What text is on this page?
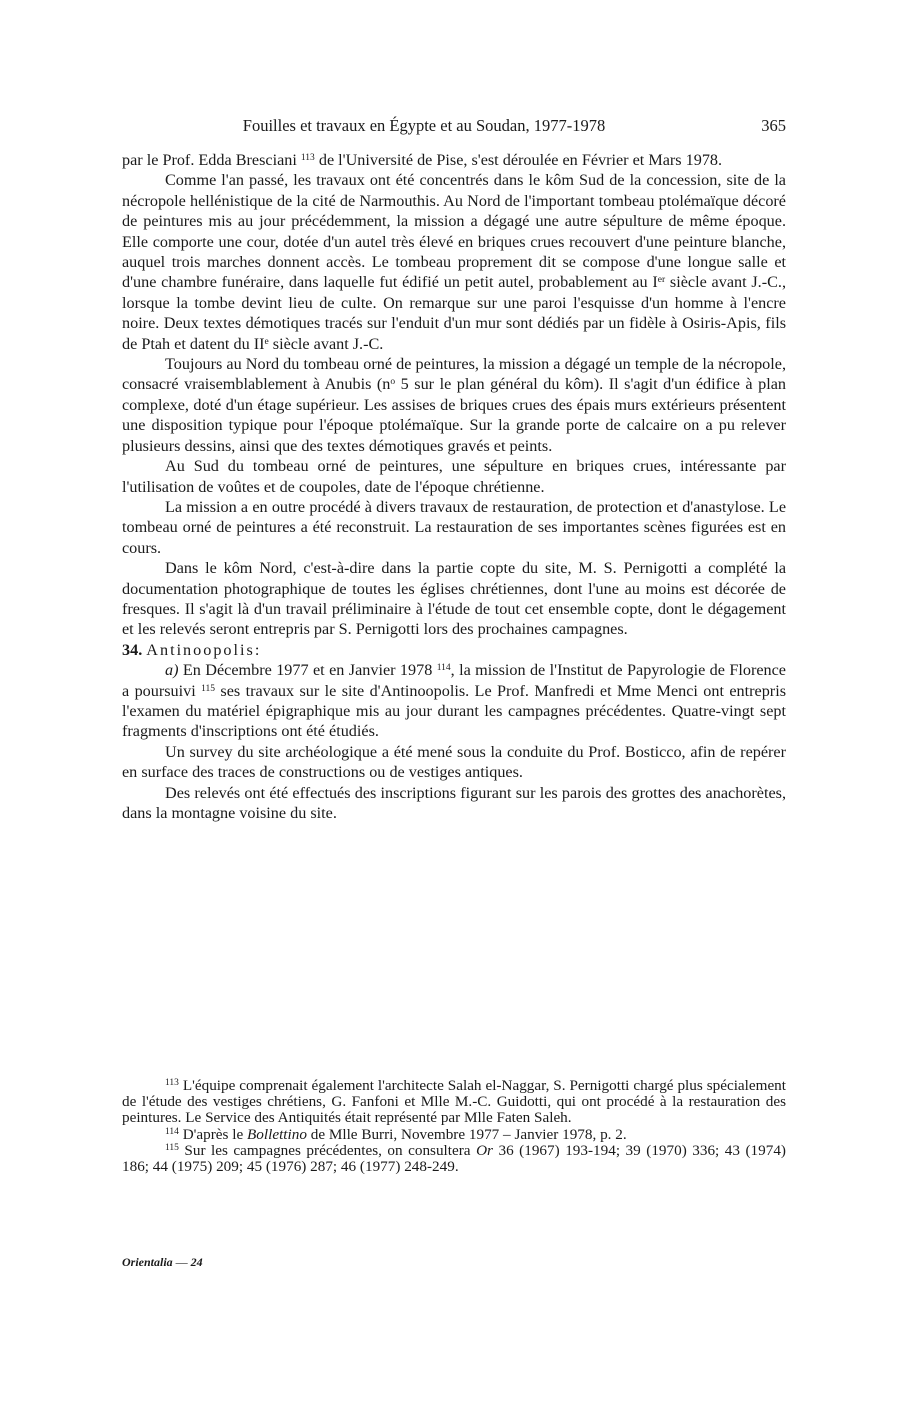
Fouilles et travaux en Égypte et au Soudan, 1977-1978	365

par le Prof. Edda Bresciani $^{113}$ de l'Université de Pise, s'est déroulée en Février et Mars 1978.

Comme l'an passé, les travaux ont été concentrés dans le kôm Sud de la concession, site de la nécropole hellénistique de la cité de Narmouthis. Au Nord de l'important tombeau ptolémaïque décoré de peintures mis au jour précédemment, la mission a dégagé une autre sépulture de même époque. Elle comporte une cour, dotée d'un autel très élevé en briques crues recouvert d'une peinture blanche, auquel trois marches donnent accès. Le tombeau proprement dit se compose d'une longue salle et d'une chambre funéraire, dans laquelle fut édifié un petit autel, probablement au Ier siècle avant J.-C., lorsque la tombe devint lieu de culte. On remarque sur une paroi l'esquisse d'un homme à l'encre noire. Deux textes démotiques tracés sur l'enduit d'un mur sont dédiés par un fidèle à Osiris-Apis, fils de Ptah et datent du IIe siècle avant J.-C.

Toujours au Nord du tombeau orné de peintures, la mission a dégagé un temple de la nécropole, consacré vraisemblablement à Anubis ($n^o$ 5 sur le plan général du kôm). Il s'agit d'un édifice à plan complexe, doté d'un étage supérieur. Les assises de briques crues des épais murs extérieurs présentent une disposition typique pour l'époque ptolémaïque. Sur la grande porte de calcaire on a pu relever plusieurs dessins, ainsi que des textes démotiques gravés et peints.

Au Sud du tombeau orné de peintures, une sépulture en briques crues, intéressante par l'utilisation de voûtes et de coupoles, date de l'époque chrétienne.

La mission a en outre procédé à divers travaux de restauration, de protection et d'anastylose. Le tombeau orné de peintures a été reconstruit. La restauration de ses importantes scènes figurées est en cours.

Dans le kôm Nord, c'est-à-dire dans la partie copte du site, M. S. Pernigotti a complété la documentation photographique de toutes les églises chrétiennes, dont l'une au moins est décorée de fresques. Il s'agit là d'un travail préliminaire à l'étude de tout cet ensemble copte, dont le dégagement et les relevés seront entrepris par S. Pernigotti lors des prochaines campagnes.

34. Antinoopolis:

a) En Décembre 1977 et en Janvier 1978 $^{114}$, la mission de l'Institut de Papyrologie de Florence a poursuivi $^{115}$ ses travaux sur le site d'Antinoopolis. Le Prof. Manfredi et Mme Menci ont entrepris l'examen du matériel épigraphique mis au jour durant les campagnes précédentes. Quatre-vingt sept fragments d'inscriptions ont été étudiés.

Un survey du site archéologique a été mené sous la conduite du Prof. Bosticco, afin de repérer en surface des traces de constructions ou de vestiges antiques.

Des relevés ont été effectués des inscriptions figurant sur les parois des grottes des anachorètes, dans la montagne voisine du site.

$^{113}$ L'équipe comprenait également l'architecte Salah el-Naggar, S. Pernigotti chargé plus spécialement de l'étude des vestiges chrétiens, G. Fanfoni et Mlle M.-C. Guidotti, qui ont procédé à la restauration des peintures. Le Service des Antiquités était représenté par Mlle Faten Saleh.

$^{114}$ D'après le Bollettino de Mlle Burri, Novembre 1977 – Janvier 1978, p. 2.

$^{115}$ Sur les campagnes précédentes, on consultera Or 36 (1967) 193-194; 39 (1970) 336; 43 (1974) 186; 44 (1975) 209; 45 (1976) 287; 46 (1977) 248-249.

Orientalia — 24
